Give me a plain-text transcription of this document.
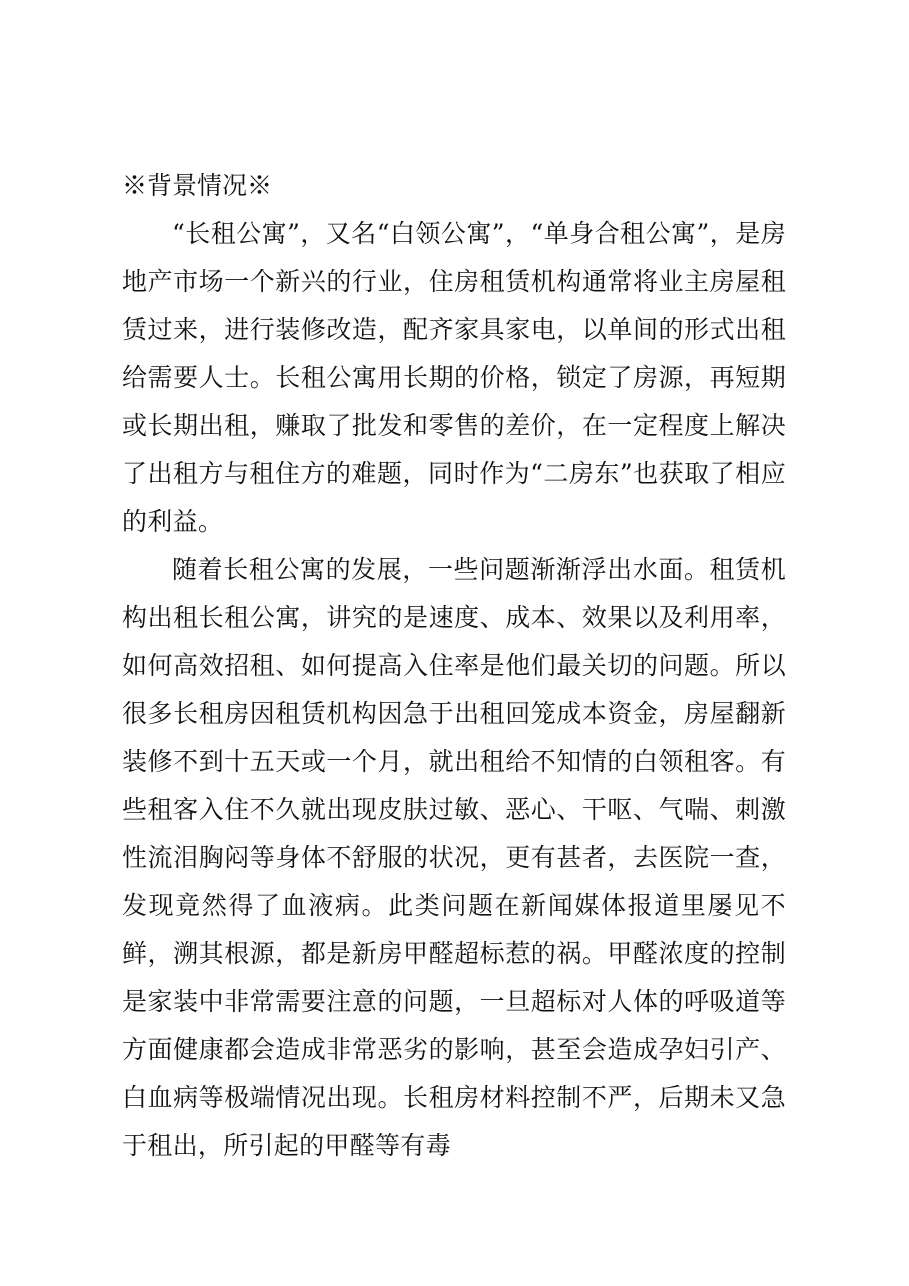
※背景情况※

“长租公寓”，又名“白领公寓”，“单身合租公寓”，是房地产市场一个新兴的行业，住房租赁机构通常将业主房屋租赁过来，进行装修改造，配齐家具家电，以单间的形式出租给需要人士。长租公寓用长期的价格，锁定了房源，再短期或长期出租，赚取了批发和零售的差价，在一定程度上解决了出租方与租住方的难题，同时作为“二房东”也获取了相应的利益。

随着长租公寓的发展，一些问题渐渐浮出水面。租赁机构出租长租公寓，讲究的是速度、成本、效果以及利用率，如何高效招租、如何提高入住率是他们最关切的问题。所以很多长租房因租赁机构因急于出租回笼成本资金，房屋翻新装修不到十五天或一个月，就出租给不知情的白领租客。有些租客入住不久就出现皮肤过敏、恶心、干呕、气喘、刺激性流泪胸闷等身体不舒服的状况，更有甚者，去医院一查，发现竟然得了血液病。此类问题在新闻媒体报道里屡见不鲜，溯其根源，都是新房甲醛超标惹的祸。甲醛浓度的控制是家装中非常需要注意的问题，一旦超标对人体的呼吸道等方面健康都会造成非常恶劣的影响，甚至会造成孕妇引产、白血病等极端情况出现。长租房材料控制不严，后期未又急于租出，所引起的甲醛等有毒
